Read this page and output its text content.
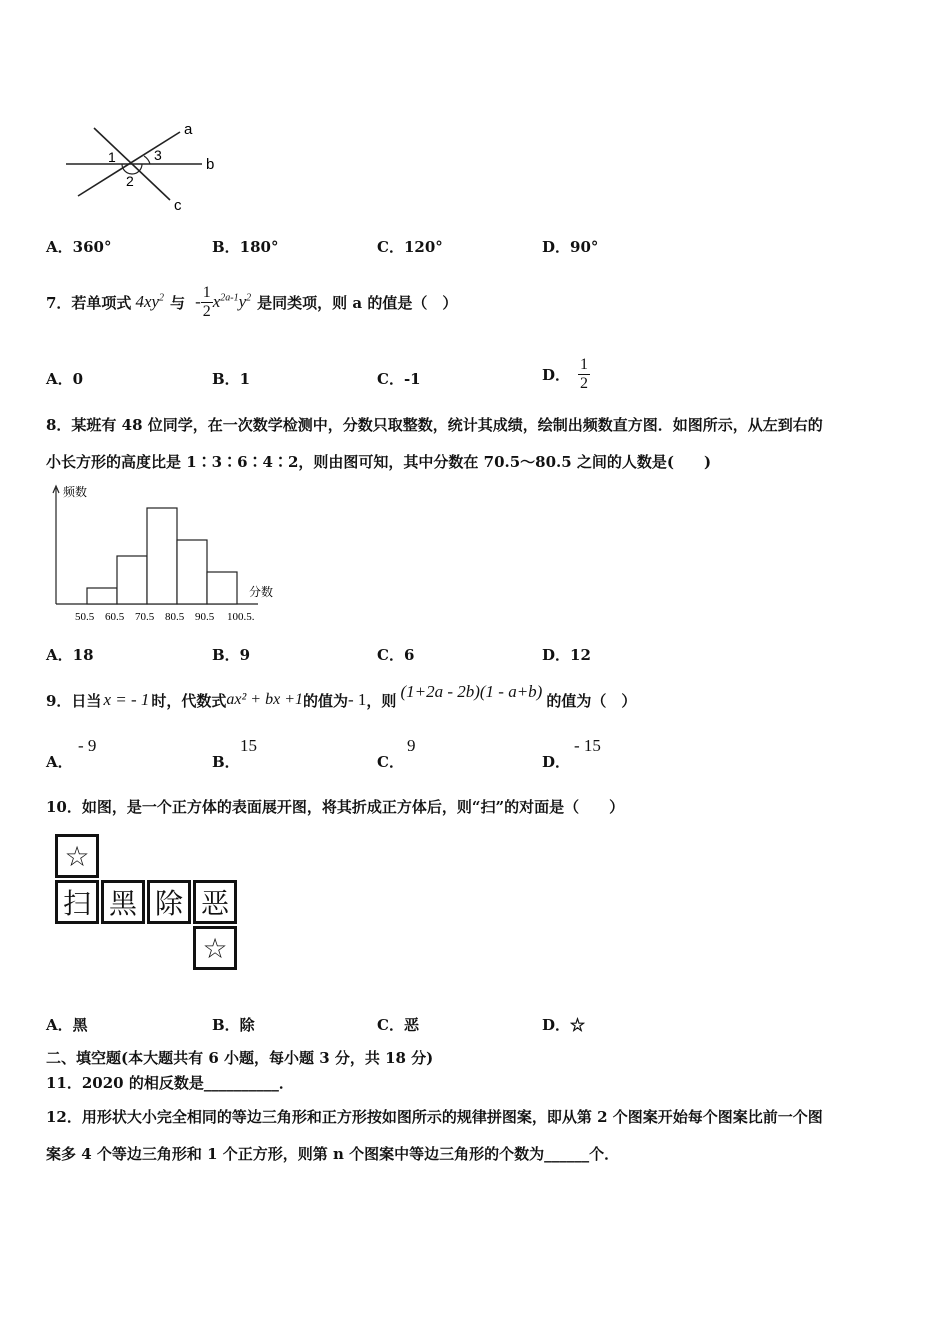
1
2
3
a
b
c
A．360°	B．180°	C．120°	D．90°
7．若单项式 $4xy^2$ 与 - $\frac{1}{2} x^{2a-1}y^2$ 是同类项，则 a 的值是（　）
A．0	B．1	C．-1	D． $\frac{1}{2}$
8．某班有 48 位同学，在一次数学检测中，分数只取整数，统计其成绩，绘制出频数直方图．如图所示，从左到右的
小长方形的高度比是 1∶3∶6∶4∶2，则由图可知，其中分数在 70.5～80.5 之间的人数是(　　)
50.5 60.5 70.5 80.5 90.5 100.5.
频数
分数
A．18	B．9	C．6	D．12
9．日当 x = - 1 时，代数式 ax² + bx +1 的值为 - 1 ，则 (1+2a - 2b)(1 - a+b) 的值为（　）
A．
- 9
B．
15
C．
9
D．
- 15
10．如图，是一个正方体的表面展开图，将其折成正方体后，则“扫”的对面是（　　）
☆
扫 黑 除 恶
☆
A．黑	B．除	C．恶	D．☆
二、填空题(本大题共有 6 小题，每小题 3 分，共 18 分)
11．2020 的相反数是__________．
12．用形状大小完全相同的等边三角形和正方形按如图所示的规律拼图案，即从第 2 个图案开始每个图案比前一个图
案多 4 个等边三角形和 1 个正方形，则第 n 个图案中等边三角形的个数为______个．
